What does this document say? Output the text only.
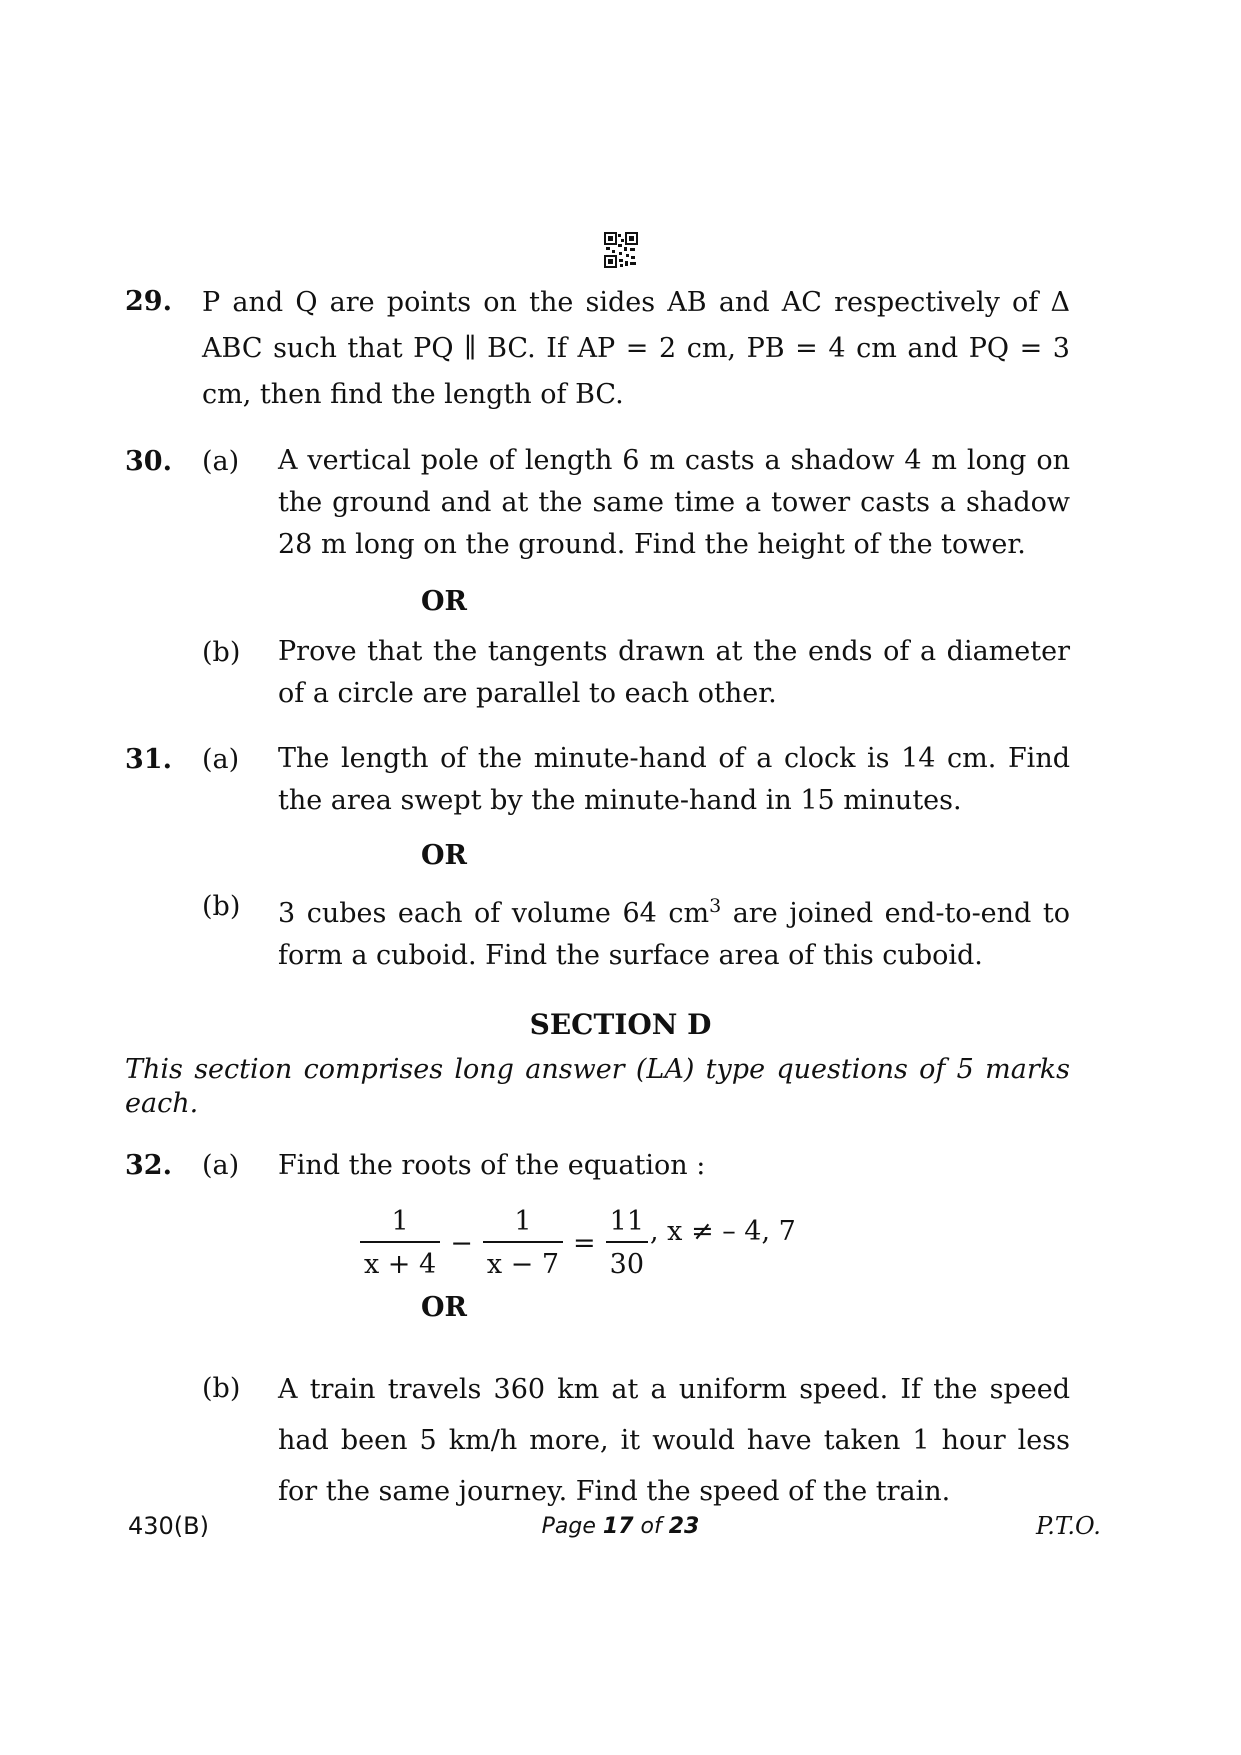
29. P and Q are points on the sides AB and AC respectively of Δ ABC such that PQ ∥ BC. If AP = 2 cm, PB = 4 cm and PQ = 3 cm, then find the length of BC.
30. (a) A vertical pole of length 6 m casts a shadow 4 m long on the ground and at the same time a tower casts a shadow 28 m long on the ground. Find the height of the tower.
OR
(b) Prove that the tangents drawn at the ends of a diameter of a circle are parallel to each other.
31. (a) The length of the minute-hand of a clock is 14 cm. Find the area swept by the minute-hand in 15 minutes.
OR
(b) 3 cubes each of volume 64 $cm^3$ are joined end-to-end to form a cuboid. Find the surface area of this cuboid.
SECTION D
This section comprises long answer (LA) type questions of 5 marks each.
32. (a) Find the roots of the equation :
$\frac{1}{x + 4} - \frac{1}{x - 7} = \frac{11}{30}$ , x ≠ – 4, 7
OR
(b) A train travels 360 km at a uniform speed. If the speed had been 5 km/h more, it would have taken 1 hour less for the same journey. Find the speed of the train.
430(B)	Page 17 of 23	P.T.O.
